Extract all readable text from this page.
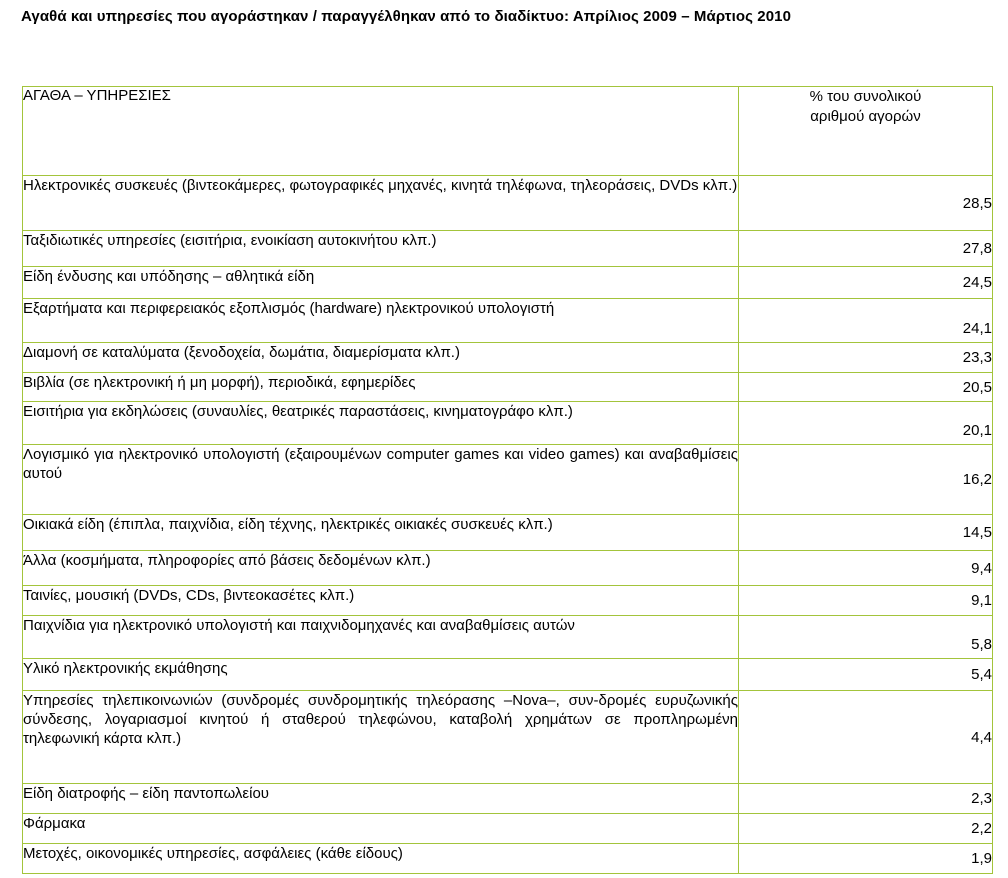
Αγαθά και υπηρεσίες που αγοράστηκαν / παραγγέλθηκαν από το διαδίκτυο: Απρίλιος 2009 – Μάρτιος 2010
ΑΓΑΘΑ – ΥΠΗΡΕΣΙΕΣ	% του συνολικού
αριθμού αγορών

Ηλεκτρονικές συσκευές (βιντεοκάμερες, φωτογραφικές μηχανές, κινητά τηλέφωνα, τηλεοράσεις, DVDs κλπ.)	28,5
Ταξιδιωτικές υπηρεσίες (εισιτήρια, ενοικίαση αυτοκινήτου κλπ.)	27,8
Είδη ένδυσης και υπόδησης – αθλητικά είδη	24,5
Εξαρτήματα και περιφερειακός εξοπλισμός (hardware) ηλεκτρονικού υπολογιστή	24,1
Διαμονή σε καταλύματα (ξενοδοχεία, δωμάτια, διαμερίσματα κλπ.)	23,3
Βιβλία (σε ηλεκτρονική ή μη μορφή), περιοδικά, εφημερίδες	20,5
Εισιτήρια για εκδηλώσεις (συναυλίες, θεατρικές παραστάσεις, κινηματογράφο κλπ.)	20,1
Λογισμικό για ηλεκτρονικό υπολογιστή (εξαιρουμένων computer games και video games) και αναβαθμίσεις αυτού	16,2
Οικιακά είδη (έπιπλα, παιχνίδια, είδη τέχνης, ηλεκτρικές οικιακές συσκευές κλπ.)	14,5
Άλλα (κοσμήματα, πληροφορίες από βάσεις δεδομένων κλπ.)	9,4
Ταινίες, μουσική (DVDs, CDs, βιντεοκασέτες κλπ.)	9,1
Παιχνίδια για ηλεκτρονικό υπολογιστή και παιχνιδομηχανές και αναβαθμίσεις αυτών	5,8
Υλικό ηλεκτρονικής εκμάθησης	5,4
Υπηρεσίες τηλεπικοινωνιών (συνδρομές συνδρομητικής τηλεόρασης –Nova–, συν-δρομές ευρυζωνικής σύνδεσης, λογαριασμοί κινητού ή σταθερού τηλεφώνου, καταβολή χρημάτων σε προπληρωμένη τηλεφωνική κάρτα κλπ.)	4,4
Είδη διατροφής – είδη παντοπωλείου	2,3
Φάρμακα	2,2
Μετοχές, οικονομικές υπηρεσίες, ασφάλειες (κάθε είδους)	1,9
